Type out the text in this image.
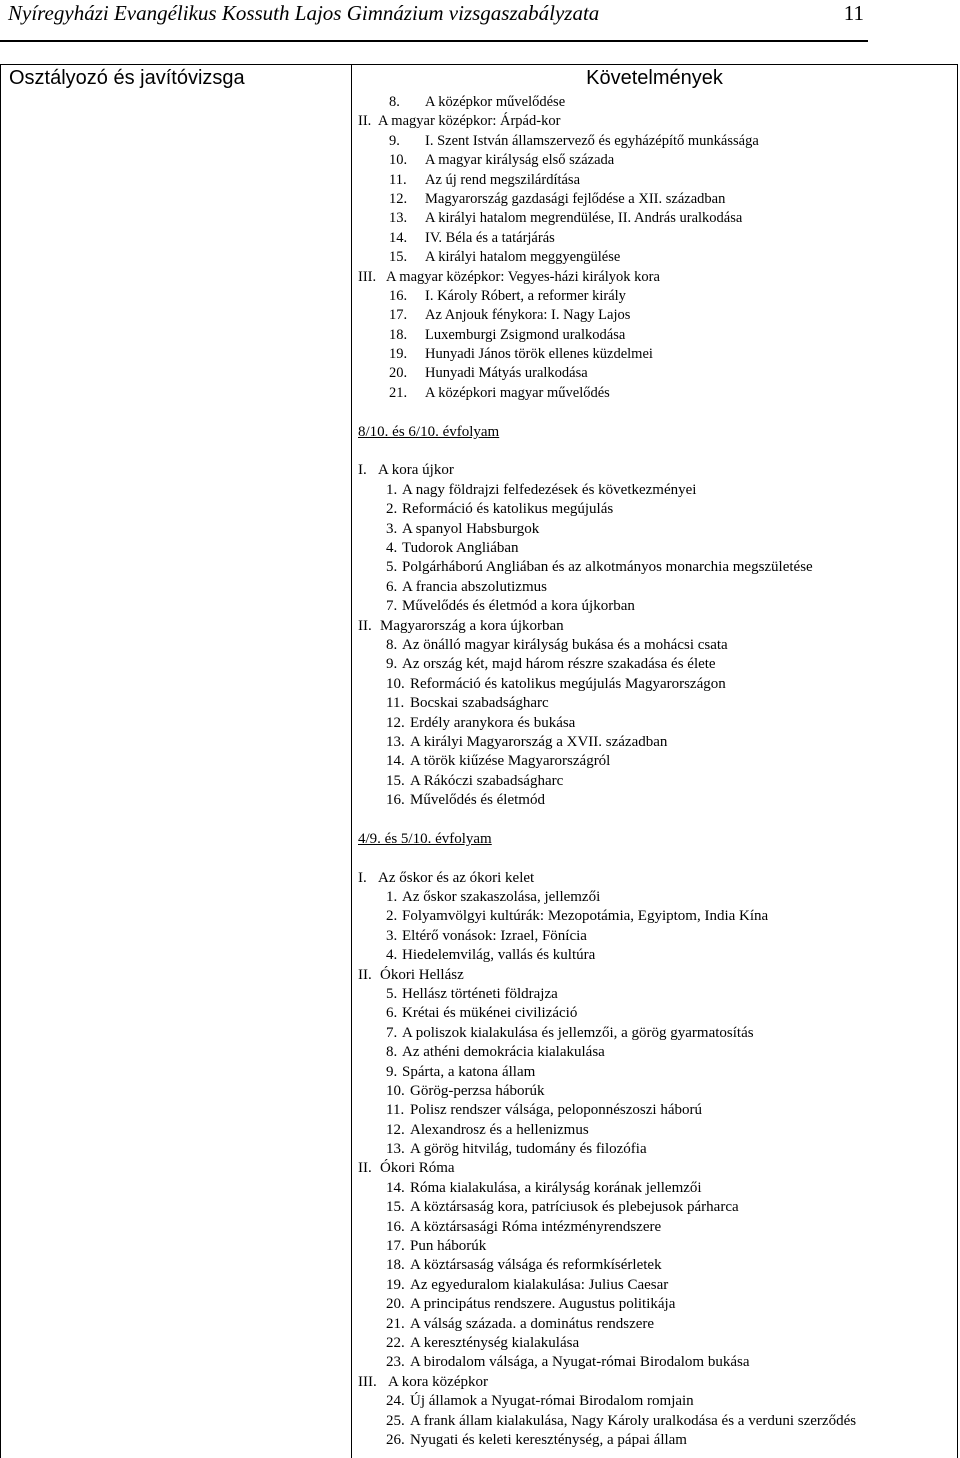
Nyíregyházi Evangélikus Kossuth Lajos Gimnázium vizsgaszabályzata	11
Osztályozó és javítóvizsga	Követelmények
8. A középkor művelődése
II. A magyar középkor: Árpád-kor
9. I. Szent István államszervező és egyházépítő munkássága
10. A magyar királyság első százada
11. Az új rend megszilárdítása
12. Magyarország gazdasági fejlődése a XII. században
13. A királyi hatalom megrendülése, II. András uralkodása
14. IV. Béla és a tatárjárás
15. A királyi hatalom meggyengülése
III. A magyar középkor: Vegyes-házi királyok kora
16. I. Károly Róbert, a reformer király
17. Az Anjouk fénykora: I. Nagy Lajos
18. Luxemburgi Zsigmond uralkodása
19. Hunyadi János török ellenes küzdelmei
20. Hunyadi Mátyás uralkodása
21. A középkori magyar művelődés
8/10. és 6/10. évfolyam
I. A kora újkor
1. A nagy földrajzi felfedezések és következményei
2. Reformáció és katolikus megújulás
3. A spanyol Habsburgok
4. Tudorok Angliában
5. Polgárháború Angliában és az alkotmányos monarchia megszületése
6. A francia abszolutizmus
7. Művelődés és életmód a kora újkorban
II. Magyarország a kora újkorban
8. Az önálló magyar királyság bukása és a mohácsi csata
9. Az ország két, majd három részre szakadása és élete
10. Reformáció és katolikus megújulás Magyarországon
11. Bocskai szabadságharc
12. Erdély aranykora és bukása
13. A királyi Magyarország a XVII. században
14. A török kiűzése Magyarországról
15. A Rákóczi szabadságharc
16. Művelődés és életmód
4/9. és 5/10. évfolyam
I. Az őskor és az ókori kelet
1. Az őskor szakaszolása, jellemzői
2. Folyamvölgyi kultúrák: Mezopotámia, Egyiptom, India Kína
3. Eltérő vonások: Izrael, Fönícia
4. Hiedelemvilág, vallás és kultúra
II. Ókori Hellász
5. Hellász történeti földrajza
6. Krétai és mükénei civilizáció
7. A poliszok kialakulása és jellemzői, a görög gyarmatosítás
8. Az athéni demokrácia kialakulása
9. Spárta, a katona állam
10. Görög-perzsa háborúk
11. Polisz rendszer válsága, peloponnészoszi háború
12. Alexandrosz és a hellenizmus
13. A görög hitvilág, tudomány és filozófia
II. Ókori Róma
14. Róma kialakulása, a királyság korának jellemzői
15. A köztársaság kora, patríciusok és plebejusok párharca
16. A köztársasági Róma intézményrendszere
17. Pun háborúk
18. A köztársaság válsága és reformkísérletek
19. Az egyeduralom kialakulása: Julius Caesar
20. A principátus rendszere. Augustus politikája
21. A válság százada. a dominátus rendszere
22. A kereszténység kialakulása
23. A birodalom válsága, a Nyugat-római Birodalom bukása
III. A kora középkor
24. Új államok a Nyugat-római Birodalom romjain
25. A frank állam kialakulása, Nagy Károly uralkodása és a verduni szerződés
26. Nyugati és keleti kereszténység, a pápai állam
